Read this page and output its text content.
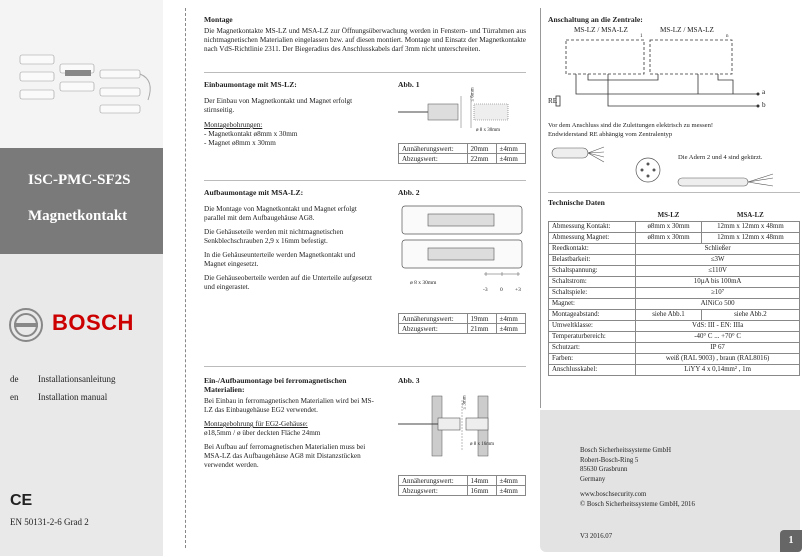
ISC-PMC-SF2S
Magnetkontakt
BOSCH
de Installationsanleitung
en Installation manual
CE
EN 50131-2-6 Grad 2
Montage
Die Magnetkontakte MS-LZ und MSA-LZ zur Öffnungsüberwachung werden in Fenstern- und Türrahmen aus nichtmagnetischen Materialien eingelassen bzw. auf diesen montiert. Montage und Einsatz der Magnetkontakte nach VdS-Richtlinie 2311. Der Biegeradius des Anschlusskabels darf 3mm nicht unterschreiten.
Einbaumontage mit MS-LZ:
Der Einbau von Magnetkontakt und Magnet erfolgt stirnseitig.
Montagebohrungen:
- Magnetkontakt ø8mm x 30mm
- Magnet ø8mm x 30mm
Abb. 1
≤ 6mm
ø 8 x 30mm
Annäherungswert:	20mm	±4mm
Abzugswert:	22mm	±4mm
Aufbaumontage mit MSA-LZ:
Die Montage von Magnetkontakt und Magnet erfolgt parallel mit dem Aufbaugehäuse AG8.
Die Gehäuseteile werden mit nichtmagnetischen Senkblechschrauben 2,9 x 16mm befestigt.
In die Gehäuseunterteile werden Magnetkontakt und Magnet eingesetzt.
Die Gehäuseoberteile werden auf die Unterteile aufgesetzt und eingerastet.
Abb. 2
ø 8 x 30mm
-3 0 +3
Annäherungswert:	19mm	±4mm
Abzugswert:	21mm	±4mm
Ein-/Aufbaumontage bei ferromagnetischen
Materialien:
Bei Einbau in ferromagnetischen Materialien wird bei MS-LZ das Einbaugehäuse EG2 verwendet.
Montagebohrung für EG2-Gehäuse:
ø18,5mm / ø über deckten Fläche 24mm
Bei Aufbau auf ferromagnetischen Materialien muss bei MSA-LZ das Aufbaugehäuse AG8 mit Distanzstücken verwendet werden.
Abb. 3
≤ 3mm
ø 8 x 16mm
Annäherungswert:	14mm	±4mm
Abzugswert:	16mm	±4mm
Anschaltung an die Zentrale:
MS-LZ / MSA-LZ
1
MS-LZ / MSA-LZ
n
a
b
RE
Vor dem Anschluss sind die Zuleitungen elektrisch zu messen!
Endwiderstand RE abhängig vom Zentralentyp
Die Adern 2 und 4 sind gekürzt.
Technische Daten
	MS-LZ	MSA-LZ
Abmessung Kontakt:	ø8mm x 30mm	12mm x 12mm x 48mm
Abmessung Magnet:	ø8mm x 30mm	12mm x 12mm x 48mm
Reedkontakt:	Schließer	
Belastbarkeit:	≤3W	
Schaltspannung:	≤110V	
Schaltstrom:	10µA bis 100mA	
Schaltspiele:	≥10⁷	
Magnet:	AlNiCo 500	
Montageabstand:	siehe Abb.1	siehe Abb.2
Umweltklasse:	VdS: III - EN: IIIa	
Temperaturbereich:	-40° C ... +70° C	
Schutzart:	IP 67	
Farben:	weiß (RAL 9003) , braun (RAL8016)	
Anschlusskabel:	LiYY 4 x 0,14mm² , 1m	
Bosch Sicherheitssysteme GmbH
Robert-Bosch-Ring 5
85630 Grasbrunn
Germany
www.boschsecurity.com
© Bosch Sicherheitssysteme GmbH, 2016
V3 2016.07	1
